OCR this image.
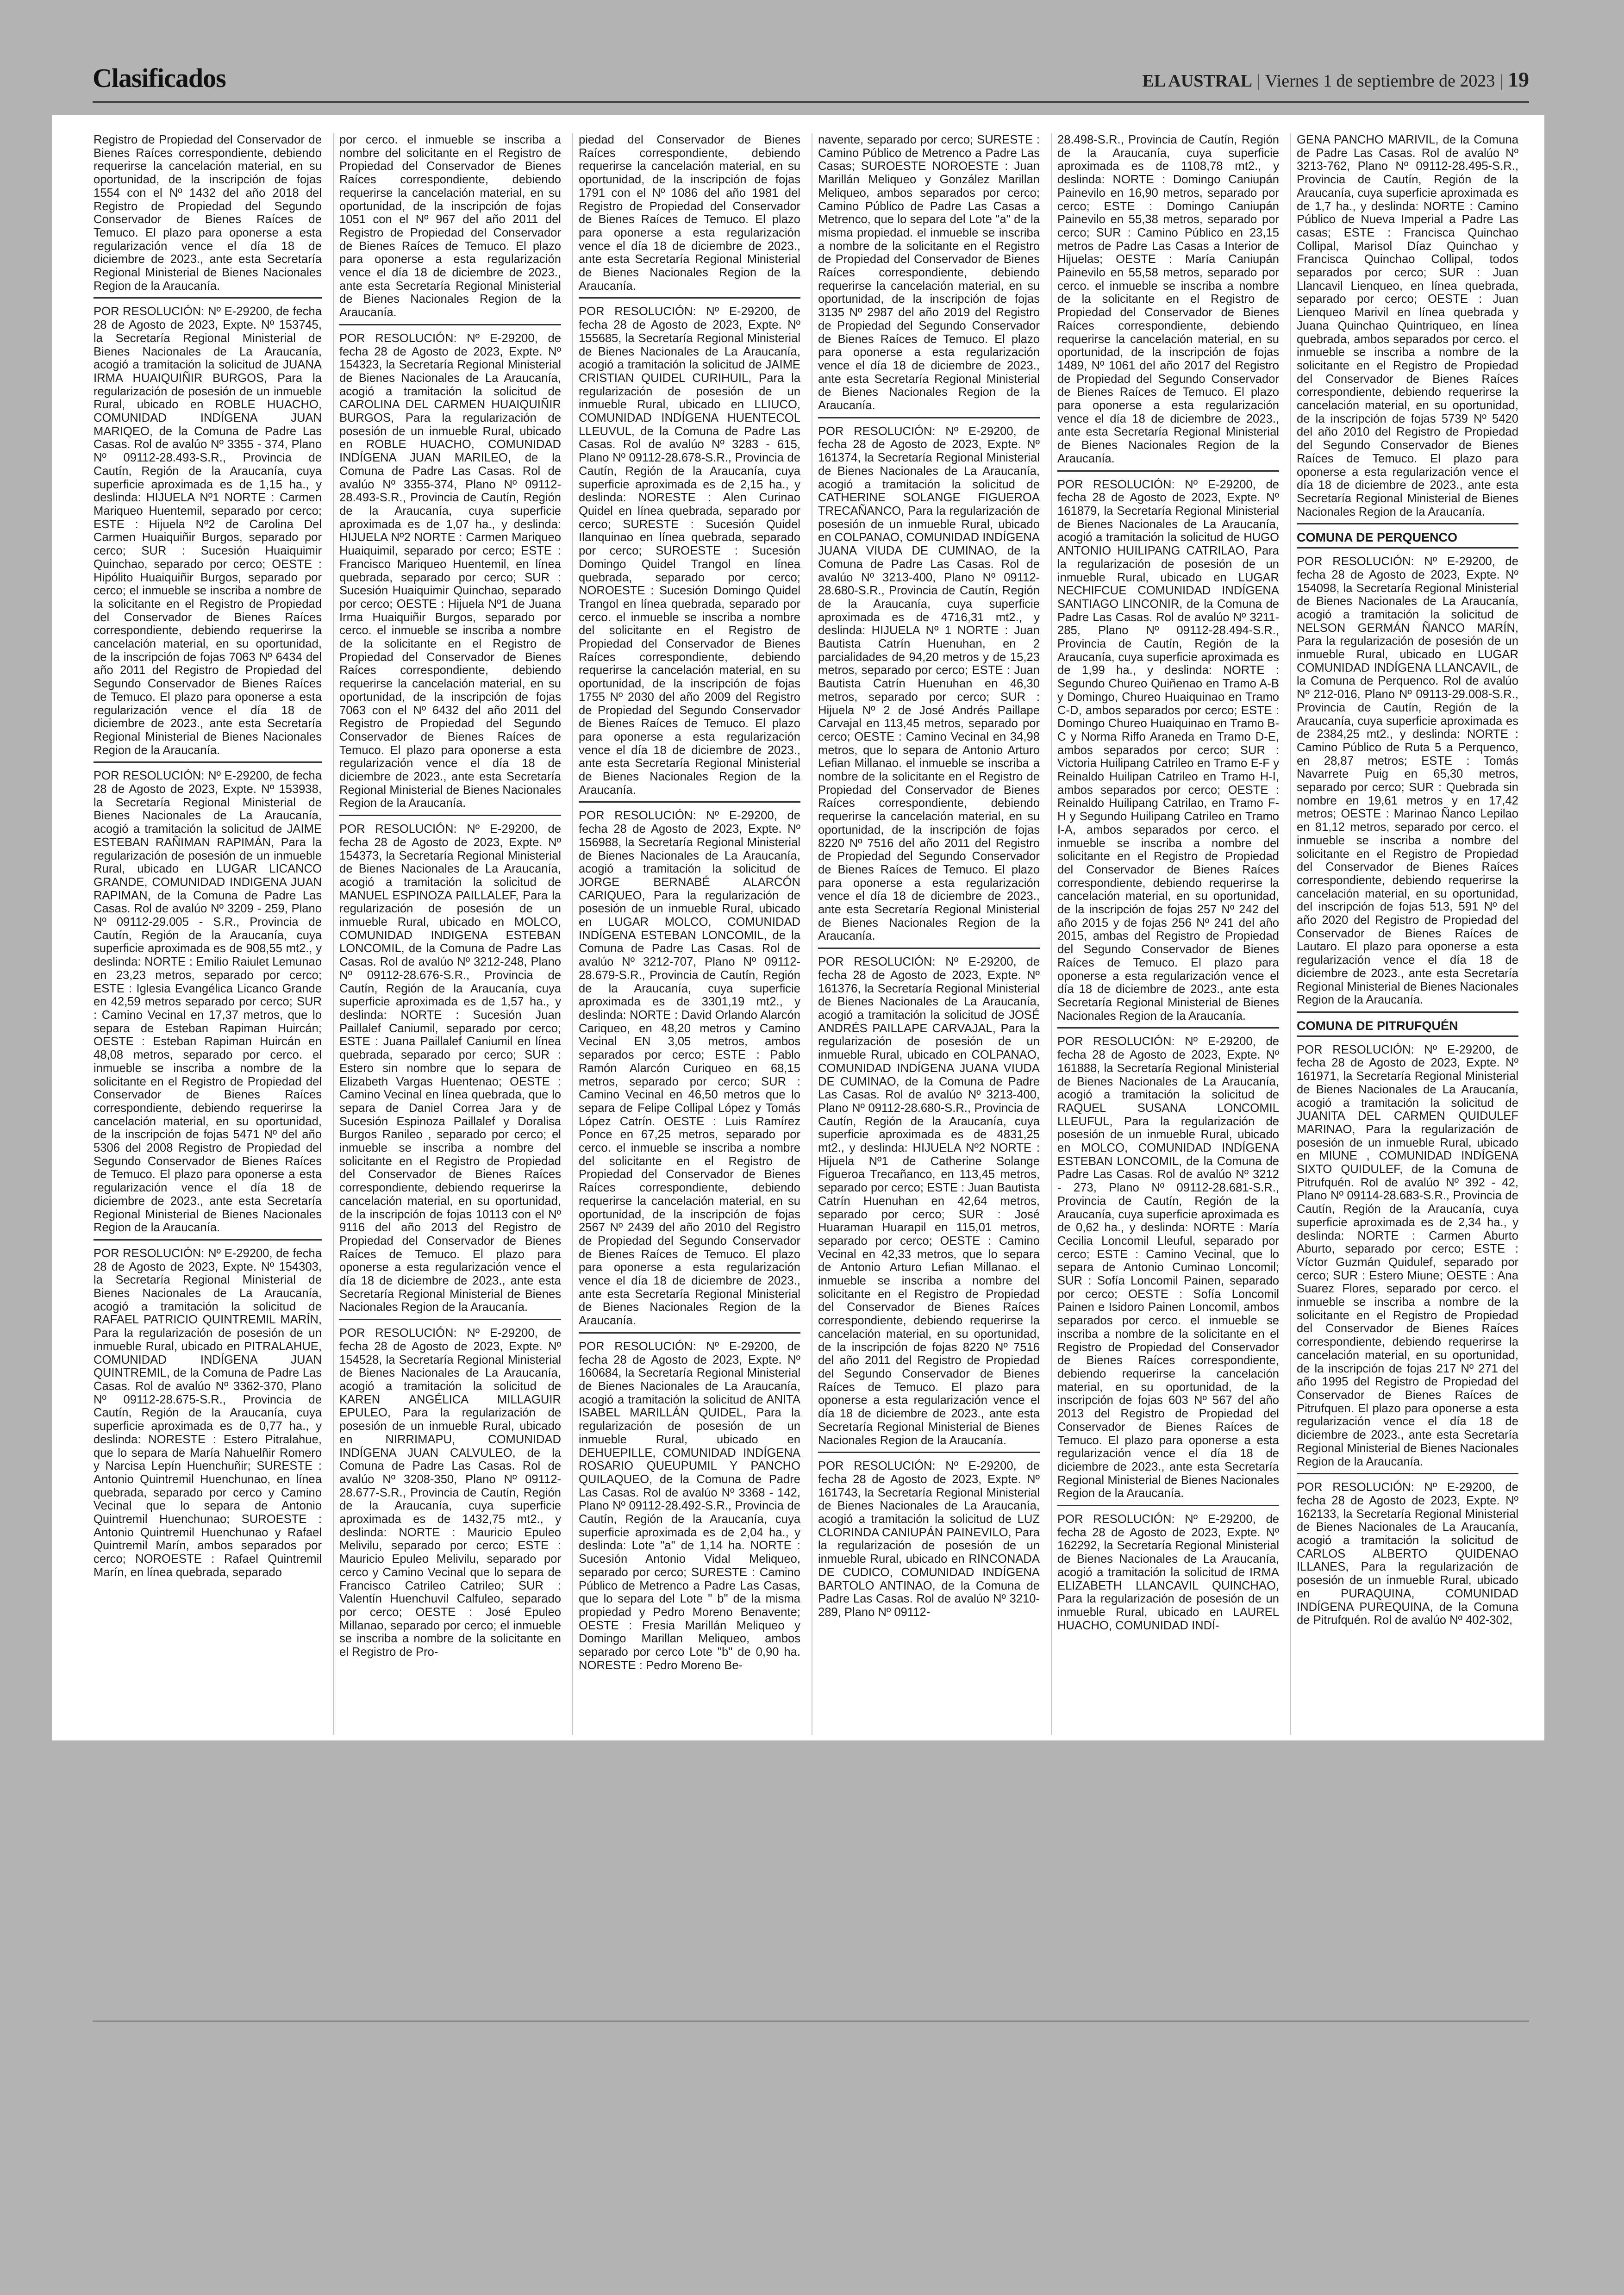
Clasificados	EL AUSTRAL | Viernes 1 de septiembre de 2023 | 19

Registro de Propiedad del Conservador de Bienes Raíces correspondiente, debiendo requerirse la cancelación material, en su oportunidad, de la inscripción de fojas 1554 con el Nº 1432 del año 2018 del Registro de Propiedad del Segundo Conservador de Bienes Raíces de Temuco. El plazo para oponerse a esta regularización vence el día 18 de diciembre de 2023., ante esta Secretaría Regional Ministerial de Bienes Nacionales Region de la Araucanía.

POR RESOLUCIÓN: Nº E-29200, de fecha 28 de Agosto de 2023, Expte. Nº 153745, la Secretaría Regional Ministerial de Bienes Nacionales de La Araucanía, acogió a tramitación la solicitud de JUANA IRMA HUAIQUIÑIR BURGOS, Para la regularización de posesión de un inmueble Rural, ubicado en ROBLE HUACHO, COMUNIDAD INDÍGENA JUAN MARIQEO, de la Comuna de Padre Las Casas. Rol de avalúo Nº 3355 - 374, Plano Nº 09112-28.493-S.R., Provincia de Cautín, Región de la Araucanía, cuya superficie aproximada es de 1,15 ha., y deslinda: HIJUELA Nº1 NORTE : Carmen Mariqueo Huentemil, separado por cerco; ESTE : Hijuela Nº2 de Carolina Del Carmen Huaiquiñir Burgos, separado por cerco; SUR : Sucesión Huaiquimir Quinchao, separado por cerco; OESTE : Hipólito Huaiquiñir Burgos, separado por cerco; el inmueble se inscriba a nombre de la solicitante en el Registro de Propiedad del Conservador de Bienes Raíces correspondiente, debiendo requerirse la cancelación material, en su oportunidad, de la inscripción de fojas 7063 Nº 6434 del año 2011 del Registro de Propiedad del Segundo Conservador de Bienes Raíces de Temuco. El plazo para oponerse a esta regularización vence el día 18 de diciembre de 2023., ante esta Secretaría Regional Ministerial de Bienes Nacionales Region de la Araucanía.

POR RESOLUCIÓN: Nº E-29200, de fecha 28 de Agosto de 2023, Expte. Nº 153938, la Secretaría Regional Ministerial de Bienes Nacionales de La Araucanía, acogió a tramitación la solicitud de JAIME ESTEBAN RAÑIMAN RAPIMÁN, Para la regularización de posesión de un inmueble Rural, ubicado en LUGAR LICANCO GRANDE, COMUNIDAD INDIGENA JUAN RAPIMAN, de la Comuna de Padre Las Casas. Rol de avalúo Nº 3209 - 259, Plano Nº 09112-29.005 - S.R., Provincia de Cautín, Región de la Araucanía, cuya superficie aproximada es de 908,55 mt2., y deslinda: NORTE : Emilio Raiulet Lemunao en 23,23 metros, separado por cerco; ESTE : Iglesia Evangélica Licanco Grande en 42,59 metros separado por cerco; SUR : Camino Vecinal en 17,37 metros, que lo separa de Esteban Rapiman Huircán; OESTE : Esteban Rapiman Huircán en 48,08 metros, separado por cerco. el inmueble se inscriba a nombre de la solicitante en el Registro de Propiedad del Conservador de Bienes Raíces correspondiente, debiendo requerirse la cancelación material, en su oportunidad, de la inscripción de fojas 5471 Nº del año 5306 del 2008 Registro de Propiedad del Segundo Conservador de Bienes Raíces de Temuco. El plazo para oponerse a esta regularización vence el día 18 de diciembre de 2023., ante esta Secretaría Regional Ministerial de Bienes Nacionales Region de la Araucanía.

POR RESOLUCIÓN: Nº E-29200, de fecha 28 de Agosto de 2023, Expte. Nº 154303, la Secretaría Regional Ministerial de Bienes Nacionales de La Araucanía, acogió a tramitación la solicitud de RAFAEL PATRICIO QUINTREMIL MARÍN, Para la regularización de posesión de un inmueble Rural, ubicado en PITRALAHUE, COMUNIDAD INDÍGENA JUAN QUINTREMIL, de la Comuna de Padre Las Casas. Rol de avalúo Nº 3362-370, Plano Nº 09112-28.675-S.R., Provincia de Cautín, Región de la Araucanía, cuya superficie aproximada es de 0,77 ha., y deslinda: NORESTE : Estero Pitralahue, que lo separa de María Nahuelñir Romero y Narcisa Lepín Huenchuñir; SURESTE : Antonio Quintremil Huenchunao, en línea quebrada, separado por cerco y Camino Vecinal que lo separa de Antonio Quintremil Huenchunao; SUROESTE : Antonio Quintremil Huenchunao y Rafael Quintremil Marín, ambos separados por cerco; NOROESTE : Rafael Quintremil Marín, en línea quebrada, separado

por cerco. el inmueble se inscriba a nombre del solicitante en el Registro de Propiedad del Conservador de Bienes Raíces correspondiente, debiendo requerirse la cancelación material, en su oportunidad, de la inscripción de fojas 1051 con el Nº 967 del año 2011 del Registro de Propiedad del Conservador de Bienes Raíces de Temuco. El plazo para oponerse a esta regularización vence el día 18 de diciembre de 2023., ante esta Secretaría Regional Ministerial de Bienes Nacionales Region de la Araucanía.

POR RESOLUCIÓN: Nº E-29200, de fecha 28 de Agosto de 2023, Expte. Nº 154323, la Secretaría Regional Ministerial de Bienes Nacionales de La Araucanía, acogió a tramitación la solicitud de CAROLINA DEL CARMEN HUAIQUIÑIR BURGOS, Para la regularización de posesión de un inmueble Rural, ubicado en ROBLE HUACHO, COMUNIDAD INDÍGENA JUAN MARILEO, de la Comuna de Padre Las Casas. Rol de avalúo Nº 3355-374, Plano Nº 09112-28.493-S.R., Provincia de Cautín, Región de la Araucanía, cuya superficie aproximada es de 1,07 ha., y deslinda: HIJUELA Nº2 NORTE : Carmen Mariqueo Huaiquimil, separado por cerco; ESTE : Francisco Mariqueo Huentemil, en línea quebrada, separado por cerco; SUR : Sucesión Huaiquimir Quinchao, separado por cerco; OESTE : Hijuela Nº1 de Juana Irma Huaiquiñir Burgos, separado por cerco. el inmueble se inscriba a nombre de la solicitante en el Registro de Propiedad del Conservador de Bienes Raíces correspondiente, debiendo requerirse la cancelación material, en su oportunidad, de la inscripción de fojas 7063 con el Nº 6432 del año 2011 del Registro de Propiedad del Segundo Conservador de Bienes Raíces de Temuco. El plazo para oponerse a esta regularización vence el día 18 de diciembre de 2023., ante esta Secretaría Regional Ministerial de Bienes Nacionales Region de la Araucanía.

POR RESOLUCIÓN: Nº E-29200, de fecha 28 de Agosto de 2023, Expte. Nº 154373, la Secretaría Regional Ministerial de Bienes Nacionales de La Araucanía, acogió a tramitación la solicitud de MANUEL ESPINOZA PAILLALEF, Para la regularización de posesión de un inmueble Rural, ubicado en MOLCO, COMUNIDAD INDIGENA ESTEBAN LONCOMIL, de la Comuna de Padre Las Casas. Rol de avalúo Nº 3212-248, Plano Nº 09112-28.676-S.R., Provincia de Cautín, Región de la Araucanía, cuya superficie aproximada es de 1,57 ha., y deslinda: NORTE : Sucesión Juan Paillalef Caniumil, separado por cerco; ESTE : Juana Paillalef Caniumil en línea quebrada, separado por cerco; SUR : Estero sin nombre que lo separa de Elizabeth Vargas Huentenao; OESTE : Camino Vecinal en línea quebrada, que lo separa de Daniel Correa Jara y de Sucesión Espinoza Paillalef y Doralisa Burgos Ranileo , separado por cerco; el inmueble se inscriba a nombre del solicitante en el Registro de Propiedad del Conservador de Bienes Raíces correspondiente, debiendo requerirse la cancelación material, en su oportunidad, de la inscripción de fojas 10113 con el Nº 9116 del año 2013 del Registro de Propiedad del Conservador de Bienes Raíces de Temuco. El plazo para oponerse a esta regularización vence el día 18 de diciembre de 2023., ante esta Secretaría Regional Ministerial de Bienes Nacionales Region de la Araucanía.

POR RESOLUCIÓN: Nº E-29200, de fecha 28 de Agosto de 2023, Expte. Nº 154528, la Secretaría Regional Ministerial de Bienes Nacionales de La Araucanía, acogió a tramitación la solicitud de KAREN ANGÉLICA MILLAGUIR EPULEO, Para la regularización de posesión de un inmueble Rural, ubicado en NIRRIMAPU, COMUNIDAD INDÍGENA JUAN CALVULEO, de la Comuna de Padre Las Casas. Rol de avalúo Nº 3208-350, Plano Nº 09112-28.677-S.R., Provincia de Cautín, Región de la Araucanía, cuya superficie aproximada es de 1432,75 mt2., y deslinda: NORTE : Mauricio Epuleo Melivilu, separado por cerco; ESTE : Mauricio Epuleo Melivilu, separado por cerco y Camino Vecinal que lo separa de Francisco Catrileo Catrileo; SUR : Valentín Huenchuvil Calfuleo, separado por cerco; OESTE : José Epuleo Millanao, separado por cerco; el inmueble se inscriba a nombre de la solicitante en el Registro de Pro-

piedad del Conservador de Bienes Raíces correspondiente, debiendo requerirse la cancelación material, en su oportunidad, de la inscripción de fojas 1791 con el Nº 1086 del año 1981 del Registro de Propiedad del Conservador de Bienes Raíces de Temuco. El plazo para oponerse a esta regularización vence el día 18 de diciembre de 2023., ante esta Secretaría Regional Ministerial de Bienes Nacionales Region de la Araucanía.

POR RESOLUCIÓN: Nº E-29200, de fecha 28 de Agosto de 2023, Expte. Nº 155685, la Secretaría Regional Ministerial de Bienes Nacionales de La Araucanía, acogió a tramitación la solicitud de JAIME CRISTIAN QUIDEL CURIHUIL, Para la regularización de posesión de un inmueble Rural, ubicado en LLIUCO, COMUNIDAD INDÍGENA HUENTECOL LLEUVUL, de la Comuna de Padre Las Casas. Rol de avalúo Nº 3283 - 615, Plano Nº 09112-28.678-S.R., Provincia de Cautín, Región de la Araucanía, cuya superficie aproximada es de 2,15 ha., y deslinda: NORESTE : Alen Curinao Quidel en línea quebrada, separado por cerco; SURESTE : Sucesión Quidel Ilanquinao en línea quebrada, separado por cerco; SUROESTE : Sucesión Domingo Quidel Trangol en línea quebrada, separado por cerco; NOROESTE : Sucesión Domingo Quidel Trangol en línea quebrada, separado por cerco. el inmueble se inscriba a nombre del solicitante en el Registro de Propiedad del Conservador de Bienes Raíces correspondiente, debiendo requerirse la cancelación material, en su oportunidad, de la inscripción de fojas 1755 Nº 2030 del año 2009 del Registro de Propiedad del Segundo Conservador de Bienes Raíces de Temuco. El plazo para oponerse a esta regularización vence el día 18 de diciembre de 2023., ante esta Secretaría Regional Ministerial de Bienes Nacionales Region de la Araucanía.

POR RESOLUCIÓN: Nº E-29200, de fecha 28 de Agosto de 2023, Expte. Nº 156988, la Secretaría Regional Ministerial de Bienes Nacionales de La Araucanía, acogió a tramitación la solicitud de JORGE BERNABÉ ALARCÓN CARIQUEO, Para la regularización de posesión de un inmueble Rural, ubicado en LUGAR MOLCO, COMUNIDAD INDÍGENA ESTEBAN LONCOMIL, de la Comuna de Padre Las Casas. Rol de avalúo Nº 3212-707, Plano Nº 09112-28.679-S.R., Provincia de Cautín, Región de la Araucanía, cuya superficie aproximada es de 3301,19 mt2., y deslinda: NORTE : David Orlando Alarcón Cariqueo, en 48,20 metros y Camino Vecinal EN 3,05 metros, ambos separados por cerco; ESTE : Pablo Ramón Alarcón Curiqueo en 68,15 metros, separado por cerco; SUR : Camino Vecinal en 46,50 metros que lo separa de Felipe Collipal López y Tomás López Catrín. OESTE : Luis Ramírez Ponce en 67,25 metros, separado por cerco. el inmueble se inscriba a nombre del solicitante en el Registro de Propiedad del Conservador de Bienes Raíces correspondiente, debiendo requerirse la cancelación material, en su oportunidad, de la inscripción de fojas 2567 Nº 2439 del año 2010 del Registro de Propiedad del Segundo Conservador de Bienes Raíces de Temuco. El plazo para oponerse a esta regularización vence el día 18 de diciembre de 2023., ante esta Secretaría Regional Ministerial de Bienes Nacionales Region de la Araucanía.

POR RESOLUCIÓN: Nº E-29200, de fecha 28 de Agosto de 2023, Expte. Nº 160684, la Secretaría Regional Ministerial de Bienes Nacionales de La Araucanía, acogió a tramitación la solicitud de ANITA ISABEL MARILLÁN QUIDEL, Para la regularización de posesión de un inmueble Rural, ubicado en DEHUEPILLE, COMUNIDAD INDÍGENA ROSARIO QUEUPUMIL Y PANCHO QUILAQUEO, de la Comuna de Padre Las Casas. Rol de avalúo Nº 3368 - 142, Plano Nº 09112-28.492-S.R., Provincia de Cautín, Región de la Araucanía, cuya superficie aproximada es de 2,04 ha., y deslinda: Lote "a" de 1,14 ha. NORTE : Sucesión Antonio Vidal Meliqueo, separado por cerco; SURESTE : Camino Público de Metrenco a Padre Las Casas, que lo separa del Lote " b" de la misma propiedad y Pedro Moreno Benavente; OESTE : Fresia Marillán Meliqueo y Domingo Marillan Meliqueo, ambos separado por cerco Lote "b" de 0,90 ha. NORESTE : Pedro Moreno Be-

navente, separado por cerco; SURESTE : Camino Público de Metrenco a Padre Las Casas; SUROESTE NOROESTE : Juan Marillán Meliqueo y González Marillan Meliqueo, ambos separados por cerco; Camino Público de Padre Las Casas a Metrenco, que lo separa del Lote "a" de la misma propiedad. el inmueble se inscriba a nombre de la solicitante en el Registro de Propiedad del Conservador de Bienes Raíces correspondiente, debiendo requerirse la cancelación material, en su oportunidad, de la inscripción de fojas 3135 Nº 2987 del año 2019 del Registro de Propiedad del Segundo Conservador de Bienes Raíces de Temuco. El plazo para oponerse a esta regularización vence el día 18 de diciembre de 2023., ante esta Secretaría Regional Ministerial de Bienes Nacionales Region de la Araucanía.

POR RESOLUCIÓN: Nº E-29200, de fecha 28 de Agosto de 2023, Expte. Nº 161374, la Secretaría Regional Ministerial de Bienes Nacionales de La Araucanía, acogió a tramitación la solicitud de CATHERINE SOLANGE FIGUEROA TRECAÑANCO, Para la regularización de posesión de un inmueble Rural, ubicado en COLPANAO, COMUNIDAD INDÍGENA JUANA VIUDA DE CUMINAO, de la Comuna de Padre Las Casas. Rol de avalúo Nº 3213-400, Plano Nº 09112-28.680-S.R., Provincia de Cautín, Región de la Araucanía, cuya superficie aproximada es de 4716,31 mt2., y deslinda: HIJUELA Nº 1 NORTE : Juan Bautista Catrín Huenuhan, en 2 parcialidades de 94,20 metros y de 15,23 metros, separado por cerco; ESTE : Juan Bautista Catrín Huenuhan en 46,30 metros, separado por cerco; SUR : Hijuela Nº 2 de José Andrés Paillape Carvajal en 113,45 metros, separado por cerco; OESTE : Camino Vecinal en 34,98 metros, que lo separa de Antonio Arturo Lefian Millanao. el inmueble se inscriba a nombre de la solicitante en el Registro de Propiedad del Conservador de Bienes Raíces correspondiente, debiendo requerirse la cancelación material, en su oportunidad, de la inscripción de fojas 8220 Nº 7516 del año 2011 del Registro de Propiedad del Segundo Conservador de Bienes Raíces de Temuco. El plazo para oponerse a esta regularización vence el día 18 de diciembre de 2023., ante esta Secretaría Regional Ministerial de Bienes Nacionales Region de la Araucanía.

POR RESOLUCIÓN: Nº E-29200, de fecha 28 de Agosto de 2023, Expte. Nº 161376, la Secretaría Regional Ministerial de Bienes Nacionales de La Araucanía, acogió a tramitación la solicitud de JOSÉ ANDRÉS PAILLAPE CARVAJAL, Para la regularización de posesión de un inmueble Rural, ubicado en COLPANAO, COMUNIDAD INDÍGENA JUANA VIUDA DE CUMINAO, de la Comuna de Padre Las Casas. Rol de avalúo Nº 3213-400, Plano Nº 09112-28.680-S.R., Provincia de Cautín, Región de la Araucanía, cuya superficie aproximada es de 4831,25 mt2., y deslinda: HIJUELA Nº2 NORTE : Hijuela Nº1 de Catherine Solange Figueroa Trecañanco, en 113,45 metros, separado por cerco; ESTE : Juan Bautista Catrín Huenuhan en 42,64 metros, separado por cerco; SUR : José Huaraman Huarapil en 115,01 metros, separado por cerco; OESTE : Camino Vecinal en 42,33 metros, que lo separa de Antonio Arturo Lefian Millanao. el inmueble se inscriba a nombre del solicitante en el Registro de Propiedad del Conservador de Bienes Raíces correspondiente, debiendo requerirse la cancelación material, en su oportunidad, de la inscripción de fojas 8220 Nº 7516 del año 2011 del Registro de Propiedad del Segundo Conservador de Bienes Raíces de Temuco. El plazo para oponerse a esta regularización vence el día 18 de diciembre de 2023., ante esta Secretaría Regional Ministerial de Bienes Nacionales Region de la Araucanía.

POR RESOLUCIÓN: Nº E-29200, de fecha 28 de Agosto de 2023, Expte. Nº 161743, la Secretaría Regional Ministerial de Bienes Nacionales de La Araucanía, acogió a tramitación la solicitud de LUZ CLORINDA CANIUPÁN PAINEVILO, Para la regularización de posesión de un inmueble Rural, ubicado en RINCONADA DE CUDICO, COMUNIDAD INDÍGENA BARTOLO ANTINAO, de la Comuna de Padre Las Casas. Rol de avalúo Nº 3210-289, Plano Nº 09112-

28.498-S.R., Provincia de Cautín, Región de la Araucanía, cuya superficie aproximada es de 1108,78 mt2., y deslinda: NORTE : Domingo Caniupán Painevilo en 16,90 metros, separado por cerco; ESTE : Domingo Caniupán Painevilo en 55,38 metros, separado por cerco; SUR : Camino Público en 23,15 metros de Padre Las Casas a Interior de Hijuelas; OESTE : María Caniupán Painevilo en 55,58 metros, separado por cerco. el inmueble se inscriba a nombre de la solicitante en el Registro de Propiedad del Conservador de Bienes Raíces correspondiente, debiendo requerirse la cancelación material, en su oportunidad, de la inscripción de fojas 1489, Nº 1061 del año 2017 del Registro de Propiedad del Segundo Conservador de Bienes Raíces de Temuco. El plazo para oponerse a esta regularización vence el día 18 de diciembre de 2023., ante esta Secretaría Regional Ministerial de Bienes Nacionales Region de la Araucanía.

POR RESOLUCIÓN: Nº E-29200, de fecha 28 de Agosto de 2023, Expte. Nº 161879, la Secretaría Regional Ministerial de Bienes Nacionales de La Araucanía, acogió a tramitación la solicitud de HUGO ANTONIO HUILIPANG CATRILAO, Para la regularización de posesión de un inmueble Rural, ubicado en LUGAR NECHIFCUE COMUNIDAD INDÍGENA SANTIAGO LINCONIR, de la Comuna de Padre Las Casas. Rol de avalúo Nº 3211-285, Plano Nº 09112-28.494-S.R., Provincia de Cautín, Región de la Araucanía, cuya superficie aproximada es de 1,99 ha., y deslinda: NORTE : Segundo Chureo Quiñenao en Tramo A-B y Domingo, Chureo Huaiquinao en Tramo C-D, ambos separados por cerco; ESTE : Domingo Chureo Huaiquinao en Tramo B-C y Norma Riffo Araneda en Tramo D-E, ambos separados por cerco; SUR : Victoria Huilipang Catrileo en Tramo E-F y Reinaldo Huilipan Catrileo en Tramo H-I, ambos separados por cerco; OESTE : Reinaldo Huilipang Catrilao, en Tramo F-H y Segundo Huilipang Catrileo en Tramo I-A, ambos separados por cerco. el inmueble se inscriba a nombre del solicitante en el Registro de Propiedad del Conservador de Bienes Raíces correspondiente, debiendo requerirse la cancelación material, en su oportunidad, de la inscripción de fojas 257 Nº 242 del año 2015 y de fojas 256 Nº 241 del año 2015, ambas del Registro de Propiedad del Segundo Conservador de Bienes Raíces de Temuco. El plazo para oponerse a esta regularización vence el día 18 de diciembre de 2023., ante esta Secretaría Regional Ministerial de Bienes Nacionales Region de la Araucanía.

POR RESOLUCIÓN: Nº E-29200, de fecha 28 de Agosto de 2023, Expte. Nº 161888, la Secretaría Regional Ministerial de Bienes Nacionales de La Araucanía, acogió a tramitación la solicitud de RAQUEL SUSANA LONCOMIL LLEUFUL, Para la regularización de posesión de un inmueble Rural, ubicado en MOLCO, COMUNIDAD INDÍGENA ESTEBAN LONCOMIL, de la Comuna de Padre Las Casas. Rol de avalúo Nº 3212 - 273, Plano Nº 09112-28.681-S.R., Provincia de Cautín, Región de la Araucanía, cuya superficie aproximada es de 0,62 ha., y deslinda: NORTE : María Cecilia Loncomil Lleuful, separado por cerco; ESTE : Camino Vecinal, que lo separa de Antonio Cuminao Loncomil; SUR : Sofía Loncomil Painen, separado por cerco; OESTE : Sofía Loncomil Painen e Isidoro Painen Loncomil, ambos separados por cerco. el inmueble se inscriba a nombre de la solicitante en el Registro de Propiedad del Conservador de Bienes Raíces correspondiente, debiendo requerirse la cancelación material, en su oportunidad, de la inscripción de fojas 603 Nº 567 del año 2013 del Registro de Propiedad del Conservador de Bienes Raíces de Temuco. El plazo para oponerse a esta regularización vence el día 18 de diciembre de 2023., ante esta Secretaría Regional Ministerial de Bienes Nacionales Region de la Araucanía.

POR RESOLUCIÓN: Nº E-29200, de fecha 28 de Agosto de 2023, Expte. Nº 162292, la Secretaría Regional Ministerial de Bienes Nacionales de La Araucanía, acogió a tramitación la solicitud de IRMA ELIZABETH LLANCAVIL QUINCHAO, Para la regularización de posesión de un inmueble Rural, ubicado en LAUREL HUACHO, COMUNIDAD INDÍ-

GENA PANCHO MARIVIL, de la Comuna de Padre Las Casas. Rol de avalúo Nº 3213-762, Plano Nº 09112-28.495-S.R., Provincia de Cautín, Región de la Araucanía, cuya superficie aproximada es de 1,7 ha., y deslinda: NORTE : Camino Público de Nueva Imperial a Padre Las casas; ESTE : Francisca Quinchao Collipal, Marisol Díaz Quinchao y Francisca Quinchao Collipal, todos separados por cerco; SUR : Juan Llancavil Lienqueo, en línea quebrada, separado por cerco; OESTE : Juan Lienqueo Marivil en línea quebrada y Juana Quinchao Quintriqueo, en línea quebrada, ambos separados por cerco. el inmueble se inscriba a nombre de la solicitante en el Registro de Propiedad del Conservador de Bienes Raíces correspondiente, debiendo requerirse la cancelación material, en su oportunidad, de la inscripción de fojas 5739 Nº 5420 del año 2010 del Registro de Propiedad del Segundo Conservador de Bienes Raíces de Temuco. El plazo para oponerse a esta regularización vence el día 18 de diciembre de 2023., ante esta Secretaría Regional Ministerial de Bienes Nacionales Region de la Araucanía.

COMUNA DE PERQUENCO

POR RESOLUCIÓN: Nº E-29200, de fecha 28 de Agosto de 2023, Expte. Nº 154098, la Secretaría Regional Ministerial de Bienes Nacionales de La Araucanía, acogió a tramitación la solicitud de NELSON GERMÁN ÑANCO MARÍN, Para la regularización de posesión de un inmueble Rural, ubicado en LUGAR COMUNIDAD INDÍGENA LLANCAVIL, de la Comuna de Perquenco. Rol de avalúo Nº 212-016, Plano Nº 09113-29.008-S.R., Provincia de Cautín, Región de la Araucanía, cuya superficie aproximada es de 2384,25 mt2., y deslinda: NORTE : Camino Público de Ruta 5 a Perquenco, en 28,87 metros; ESTE : Tomás Navarrete Puig en 65,30 metros, separado por cerco; SUR : Quebrada sin nombre en 19,61 metros y en 17,42 metros; OESTE : Marinao Ñanco Lepilao en 81,12 metros, separado por cerco. el inmueble se inscriba a nombre del solicitante en el Registro de Propiedad del Conservador de Bienes Raíces correspondiente, debiendo requerirse la cancelación material, en su oportunidad, del inscripción de fojas 513, 591 Nº del año 2020 del Registro de Propiedad del Conservador de Bienes Raíces de Lautaro. El plazo para oponerse a esta regularización vence el día 18 de diciembre de 2023., ante esta Secretaría Regional Ministerial de Bienes Nacionales Region de la Araucanía.

COMUNA DE PITRUFQUÉN

POR RESOLUCIÓN: Nº E-29200, de fecha 28 de Agosto de 2023, Expte. Nº 161971, la Secretaría Regional Ministerial de Bienes Nacionales de La Araucanía, acogió a tramitación la solicitud de JUANITA DEL CARMEN QUIDULEF MARINAO, Para la regularización de posesión de un inmueble Rural, ubicado en MIUNE , COMUNIDAD INDÍGENA SIXTO QUIDULEF, de la Comuna de Pitrufquén. Rol de avalúo Nº 392 - 42, Plano Nº 09114-28.683-S.R., Provincia de Cautín, Región de la Araucanía, cuya superficie aproximada es de 2,34 ha., y deslinda: NORTE : Carmen Aburto Aburto, separado por cerco; ESTE : Víctor Guzmán Quidulef, separado por cerco; SUR : Estero Miune; OESTE : Ana Suarez Flores, separado por cerco. el inmueble se inscriba a nombre de la solicitante en el Registro de Propiedad del Conservador de Bienes Raíces correspondiente, debiendo requerirse la cancelación material, en su oportunidad, de la inscripción de fojas 217 Nº 271 del año 1995 del Registro de Propiedad del Conservador de Bienes Raíces de Pitrufquen. El plazo para oponerse a esta regularización vence el día 18 de diciembre de 2023., ante esta Secretaría Regional Ministerial de Bienes Nacionales Region de la Araucanía.

POR RESOLUCIÓN: Nº E-29200, de fecha 28 de Agosto de 2023, Expte. Nº 162133, la Secretaría Regional Ministerial de Bienes Nacionales de La Araucanía, acogió a tramitación la solicitud de CARLOS ALBERTO QUIDENAO ILLANES, Para la regularización de posesión de un inmueble Rural, ubicado en PURAQUINA, COMUNIDAD INDÍGENA PUREQUINA, de la Comuna de Pitrufquén. Rol de avalúo Nº 402-302,
